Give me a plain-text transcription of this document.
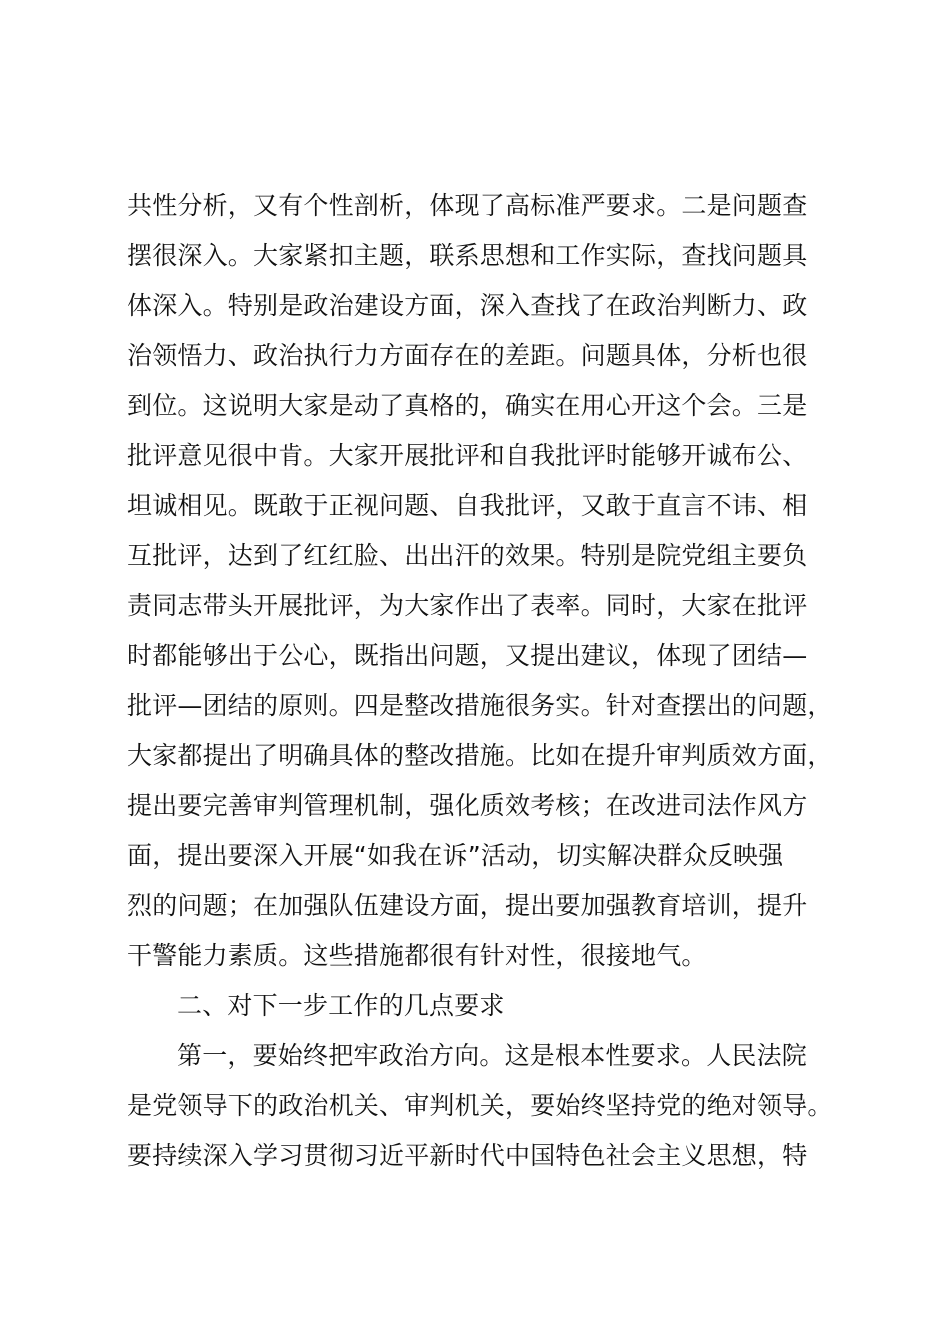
共性分析，又有个性剖析，体现了高标准严要求。二是问题查
摆很深入。大家紧扣主题，联系思想和工作实际，查找问题具
体深入。特别是政治建设方面，深入查找了在政治判断力、政
治领悟力、政治执行力方面存在的差距。问题具体，分析也很
到位。这说明大家是动了真格的，确实在用心开这个会。三是
批评意见很中肯。大家开展批评和自我批评时能够开诚布公、
坦诚相见。既敢于正视问题、自我批评，又敢于直言不讳、相
互批评，达到了红红脸、出出汗的效果。特别是院党组主要负
责同志带头开展批评，为大家作出了表率。同时，大家在批评
时都能够出于公心，既指出问题，又提出建议，体现了团结—
批评—团结的原则。四是整改措施很务实。针对查摆出的问题，
大家都提出了明确具体的整改措施。比如在提升审判质效方面，
提出要完善审判管理机制，强化质效考核；在改进司法作风方
面，提出要深入开展“如我在诉”活动，切实解决群众反映强
烈的问题；在加强队伍建设方面，提出要加强教育培训，提升
干警能力素质。这些措施都很有针对性，很接地气。
二、对下一步工作的几点要求
第一，要始终把牢政治方向。这是根本性要求。人民法院
是党领导下的政治机关、审判机关，要始终坚持党的绝对领导。
要持续深入学习贯彻习近平新时代中国特色社会主义思想，特
